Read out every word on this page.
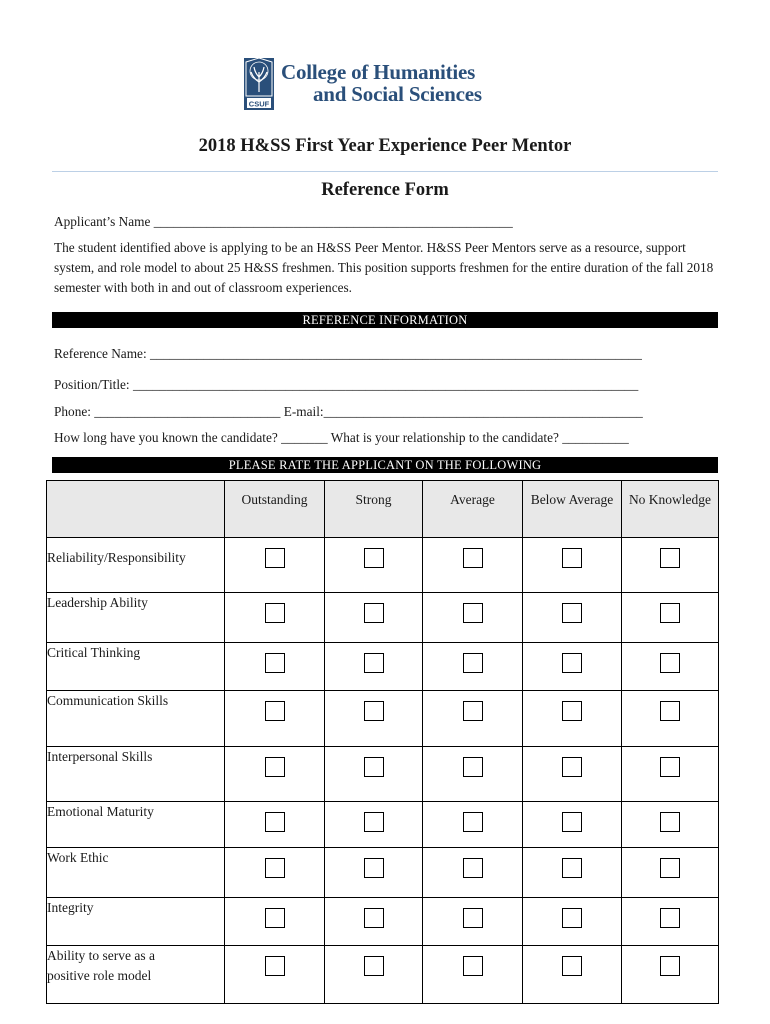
CSUF
College of Humanities
and Social Sciences
2018 H&SS First Year Experience Peer Mentor
Reference Form
Applicant’s Name ______________________________________________________
The student identified above is applying to be an H&SS Peer Mentor. H&SS Peer Mentors serve as a resource, support system, and role model to about 25 H&SS freshmen. This position supports freshmen for the entire duration of the fall 2018 semester with both in and out of classroom experiences.
REFERENCE INFORMATION
Reference Name: __________________________________________________________________________
Position/Title: ____________________________________________________________________________
Phone: ____________________________ E-mail:________________________________________________
How long have you known the candidate? _______ What is your relationship to the candidate? __________
PLEASE RATE THE APPLICANT ON THE FOLLOWING
	Outstanding	Strong	Average	Below Average	No Knowledge
Reliability/Responsibility	

Leadership Ability	

Critical Thinking	

Communication Skills	

Interpersonal Skills	

Emotional Maturity	

Work Ethic	

Integrity	

Ability to serve as a positive role model	
